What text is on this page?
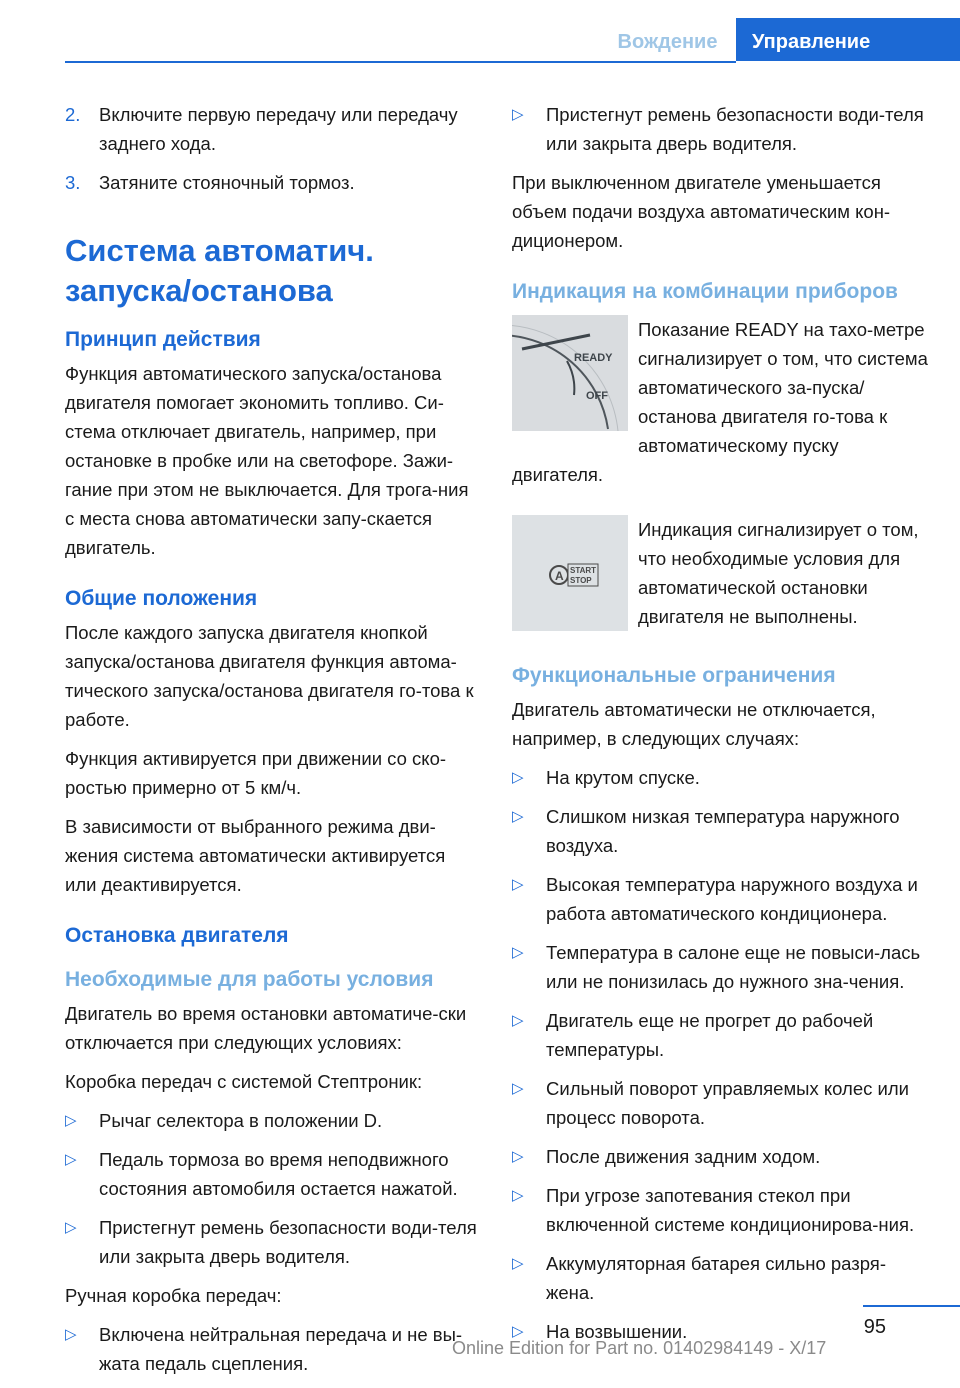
Вождение	Управление
2.	Включите первую передачу или передачу заднего хода.
3.	Затяните стояночный тормоз.
Система автоматич.
запуска/останова
Принцип действия

Функция автоматического запуска/останова двигателя помогает экономить топливо. Си-стема отключает двигатель, например, при остановке в пробке или на светофоре. Зажи-гание при этом не выключается. Для трога-ния с места снова автоматически запу-скается двигатель.

Общие положения

После каждого запуска двигателя кнопкой запуска/останова двигателя функция автома-тического запуска/останова двигателя го-това к работе.

Функция активируется при движении со ско-ростью примерно от 5 км/ч.

В зависимости от выбранного режима дви-жения система автоматически активируется или деактивируется.

Остановка двигателя
Необходимые для работы условия

Двигатель во время остановки автоматиче-ски отключается при следующих условиях:

Коробка передач с системой Стептроник:

▷	Рычаг селектора в положении D.
▷	Педаль тормоза во время неподвижного состояния автомобиля остается нажатой.
▷	Пристегнут ремень безопасности води-теля или закрыта дверь водителя.

Ручная коробка передач:

▷	Включена нейтральная передача и не вы-жата педаль сцепления.
▷	Пристегнут ремень безопасности води-теля или закрыта дверь водителя.

При выключенном двигателе уменьшается объем подачи воздуха автоматическим кон-диционером.

Индикация на комбинации приборов
READY
OFF
Показание READY на тахо-метре сигнализирует о том, что система автоматического за-пуска/останова двигателя го-това к автоматическому пуску двигателя.
A START
STOP
Индикация сигнализирует о том, что необходимые условия для автоматической остановки двигателя не выполнены.
Функциональные ограничения

Двигатель автоматически не отключается, например, в следующих случаях:

▷	На крутом спуске.
▷	Слишком низкая температура наружного воздуха.
▷	Высокая температура наружного воздуха и работа автоматического кондиционера.
▷	Температура в салоне еще не повыси-лась или не понизилась до нужного зна-чения.
▷	Двигатель еще не прогрет до рабочей температуры.
▷	Сильный поворот управляемых колес или процесс поворота.
▷	После движения задним ходом.
▷	При угрозе запотевания стекол при включенной системе кондиционирова-ния.
▷	Аккумуляторная батарея сильно разря-жена.
▷	На возвышении.	95
Online Edition for Part no. 01402984149 - X/17
